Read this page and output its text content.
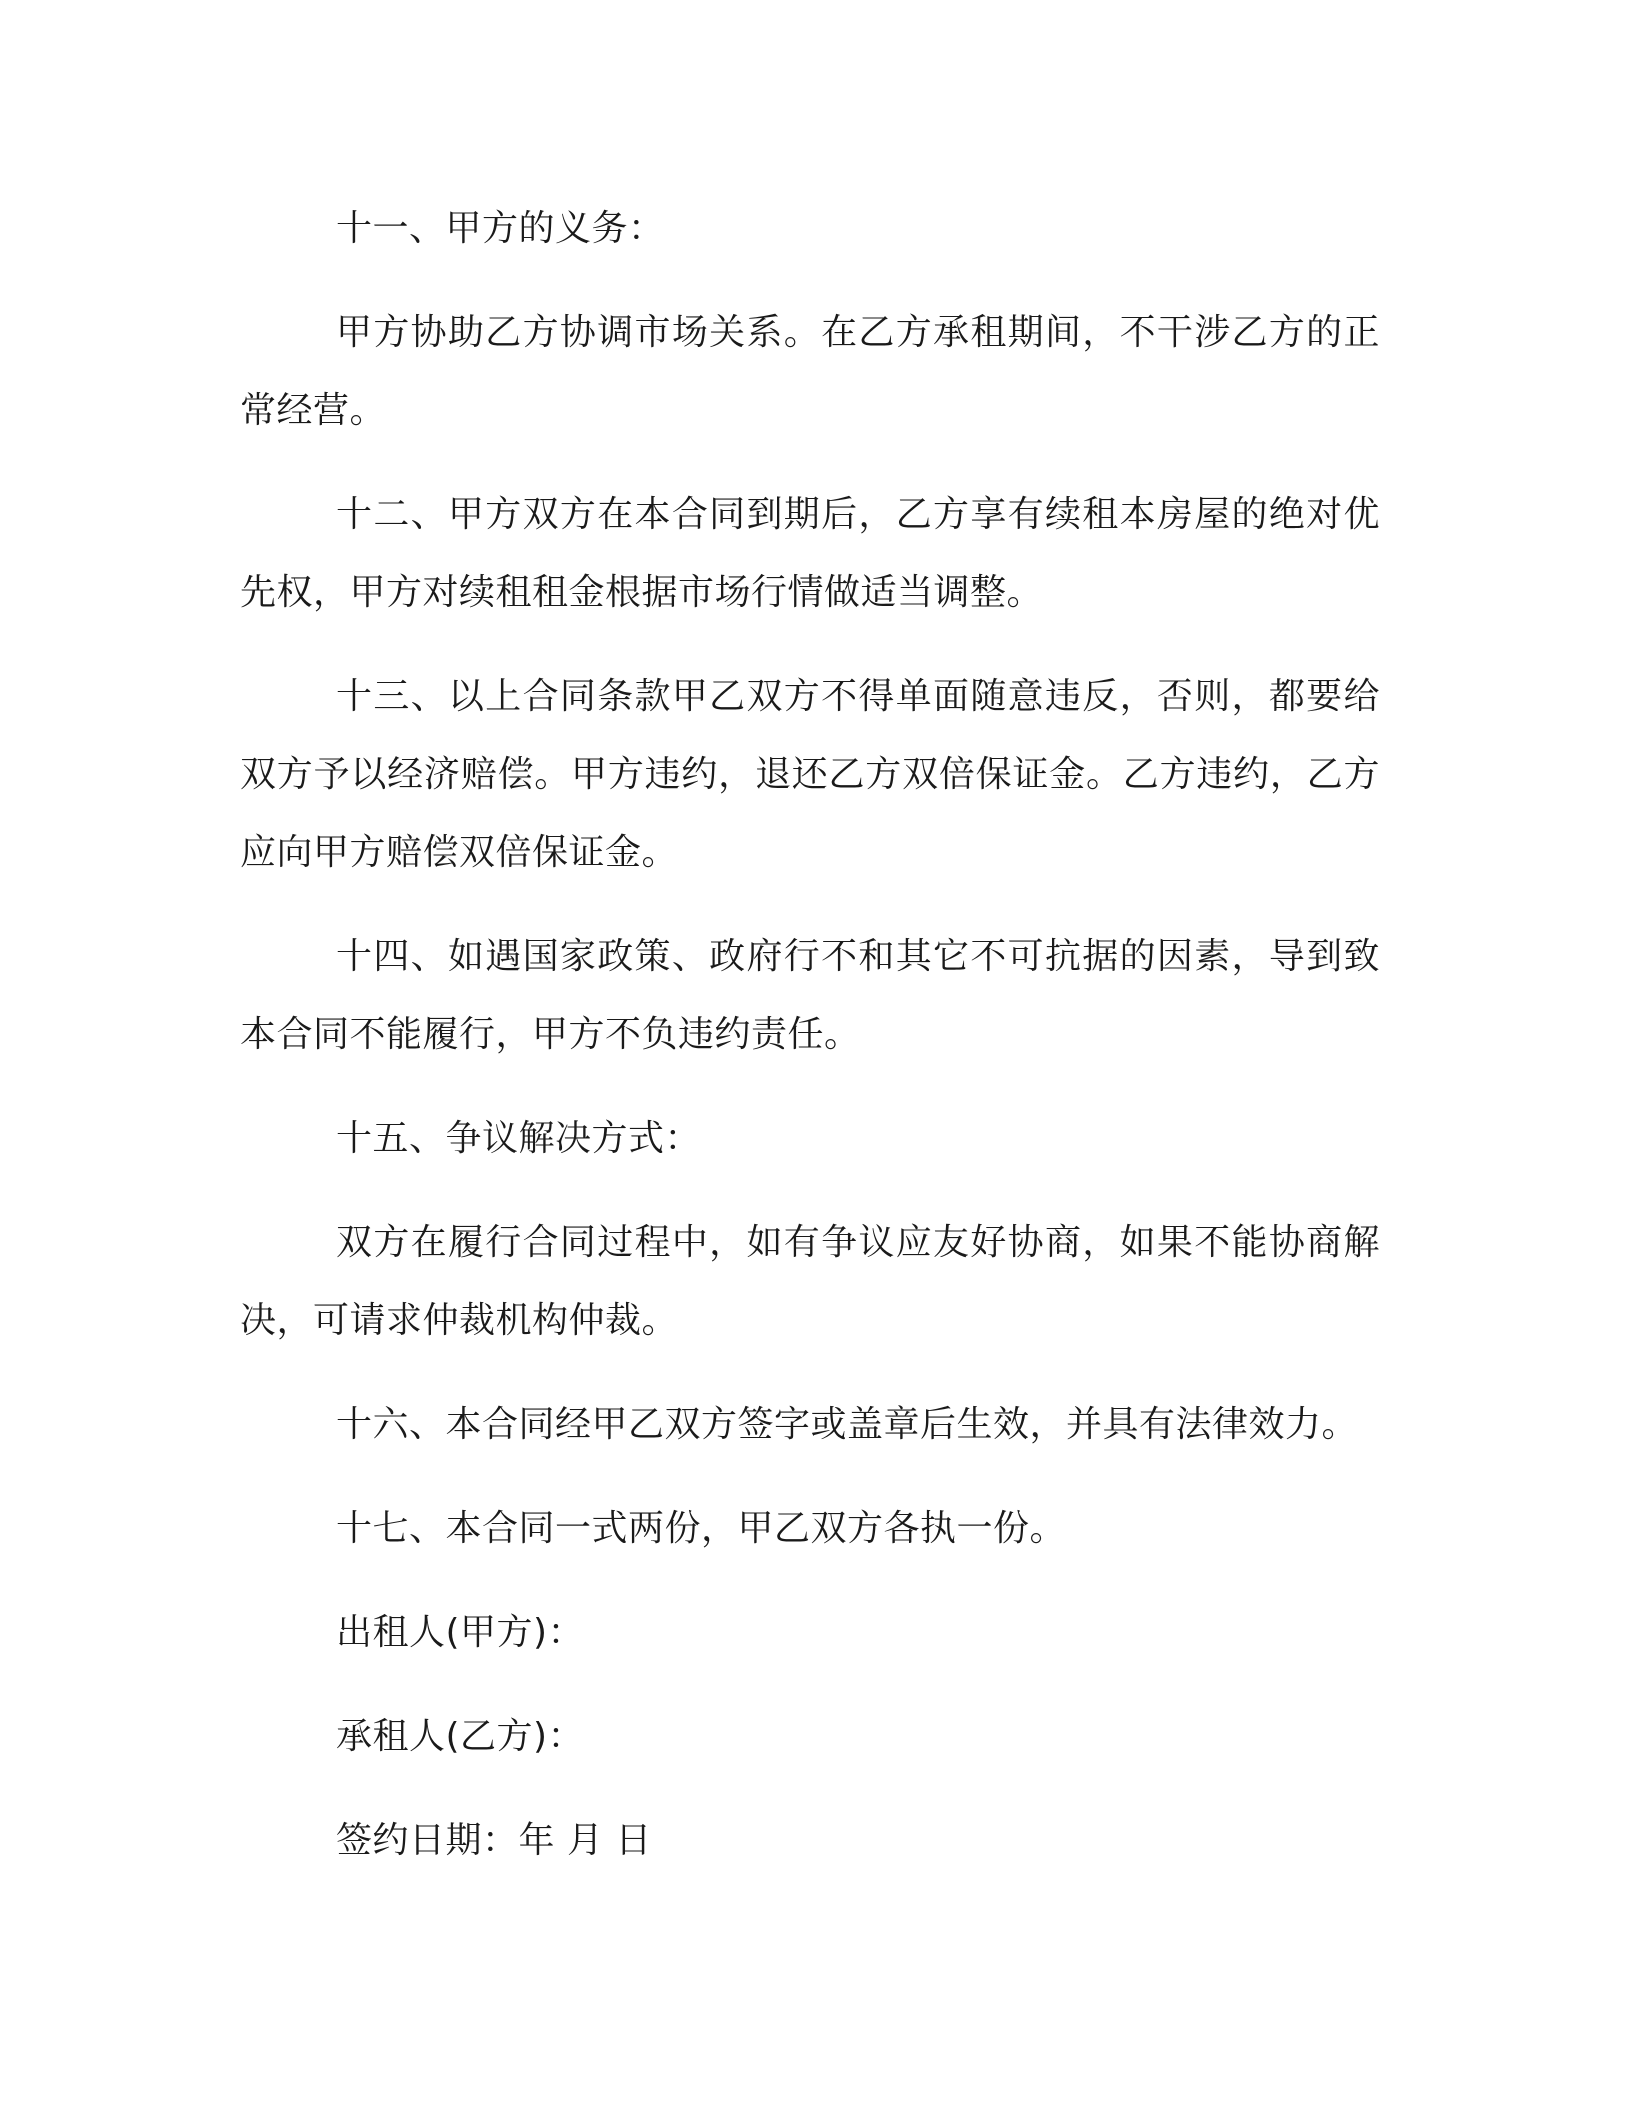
十一、甲方的义务：

甲方协助乙方协调市场关系。在乙方承租期间，不干涉乙方的正常经营。

十二、甲方双方在本合同到期后，乙方享有续租本房屋的绝对优先权，甲方对续租租金根据市场行情做适当调整。

十三、以上合同条款甲乙双方不得单面随意违反，否则，都要给双方予以经济赔偿。甲方违约，退还乙方双倍保证金。乙方违约，乙方应向甲方赔偿双倍保证金。

十四、如遇国家政策、政府行不和其它不可抗据的因素，导到致本合同不能履行，甲方不负违约责任。

十五、争议解决方式：

双方在履行合同过程中，如有争议应友好协商，如果不能协商解决，可请求仲裁机构仲裁。

十六、本合同经甲乙双方签字或盖章后生效，并具有法律效力。

十七、本合同一式两份，甲乙双方各执一份。

出租人(甲方)：

承租人(乙方)：

签约日期：年 月 日
